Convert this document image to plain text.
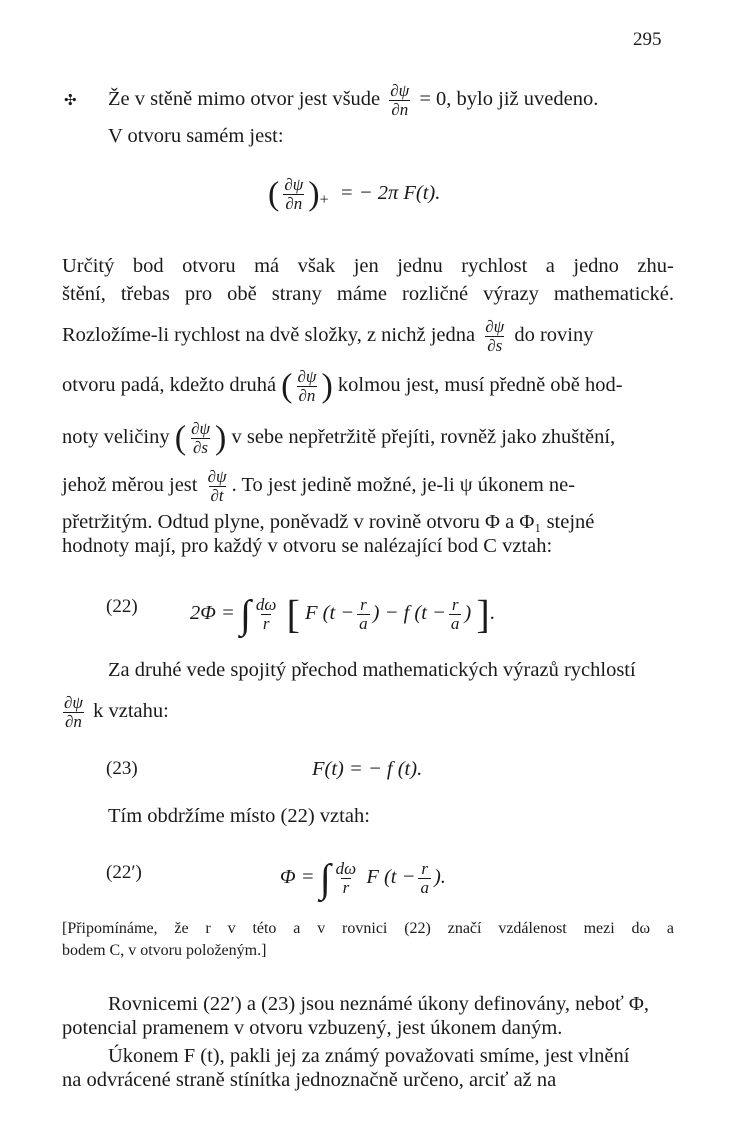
295
✣ Že v stěně mimo otvor jest všude $\frac{\partial\psi}{\partial n} = 0$, bylo již uvedeno.
V otvoru samém jest:
( $\frac{\partial\psi}{\partial n} )_+$ = − 2π F(t).
Určitý bod otvoru má však jen jednu rychlost a jedno zhu-
štění, třebas pro obě strany máme rozličné výrazy mathematické.
Rozložíme-li rychlost na dvě složky, z nichž jedna $\frac{\partial\psi}{\partial s}$ do roviny
otvoru padá, kdežto druhá ( $\frac{\partial\psi}{\partial n}$ ) kolmou jest, musí předně obě hod-
noty veličiny ( $\frac{\partial\psi}{\partial s}$ ) v sebe nepřetržitě přejíti, rovněž jako zhuštění,
jehož měrou jest $\frac{\partial\psi}{\partial t}$ . To jest jedině možné, je-li ψ úkonem ne-
přetržitým. Odtud plyne, poněvadž v rovině otvoru Φ a Φ₁ stejné
hodnoty mají, pro každý v otvoru se nalézající bod C vztah:
(22)	2Φ = ∫ $\frac{d\omega}{r}$ [ F ($t - \frac{r}{a}$ ) − f ($t - \frac{r}{a}$ ) ].
Za druhé vede spojitý přechod mathematických výrazů rychlostí
$\frac{\partial\psi}{\partial n}$ k vztahu:
(23)	F(t) = − f (t).
Tím obdržíme místo (22) vztah:
(22′)	Φ = ∫ $\frac{d\omega}{r}$ F ($t - \frac{r}{a}$ ).
[Připomínáme, že r v této a v rovnici (22) značí vzdálenost mezi dω a
bodem C, v otvoru položeným.]
Rovnicemi (22′) a (23) jsou neznámé úkony definovány, neboť Φ,
potencial pramenem v otvoru vzbuzený, jest úkonem daným.
Úkonem F (t), pakli jej za známý považovati smíme, jest vlnění
na odvrácené straně stínítka jednoznačně určeno, arciť až na
